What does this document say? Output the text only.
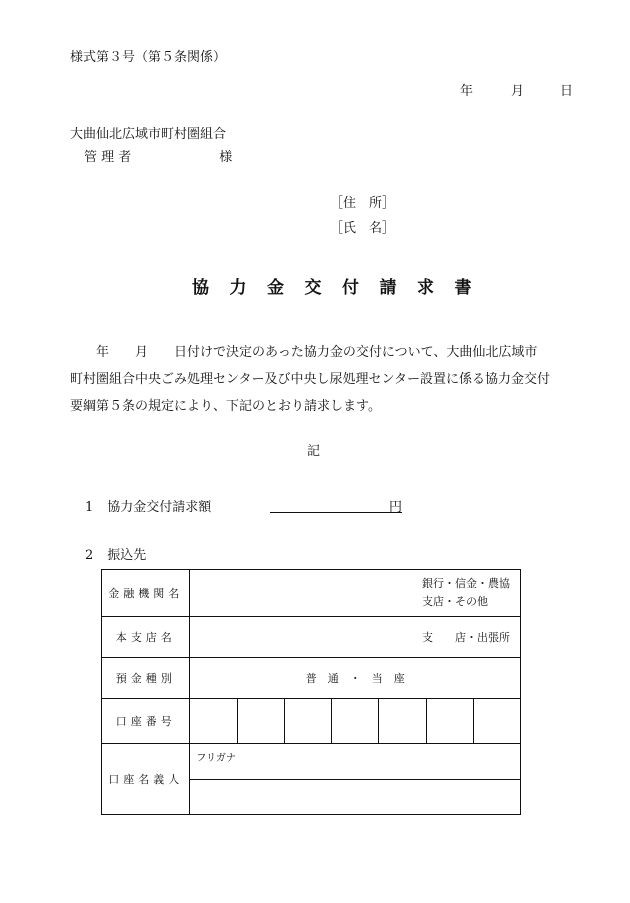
様式第３号（第５条関係）
年	月	日
大曲仙北広域市町村圏組合
管 理 者	様
［住　所］
［氏　名］
協力金交付請求書

　　年　　月　　日付けで決定のあった協力金の交付について、大曲仙北広域市

町村圏組合中央ごみ処理センター及び中央し尿処理センター設置に係る協力金交付

要綱第５条の規定により、下記のとおり請求します。

記
1 協力金交付請求額	円
2 振込先
金融機関名	銀行・信金・農協
支店・その他						
本支店名	支　　店・出張所						
預金種別	普　通　・　当　座						
口座番号							
口座名義人	フリガナ						
